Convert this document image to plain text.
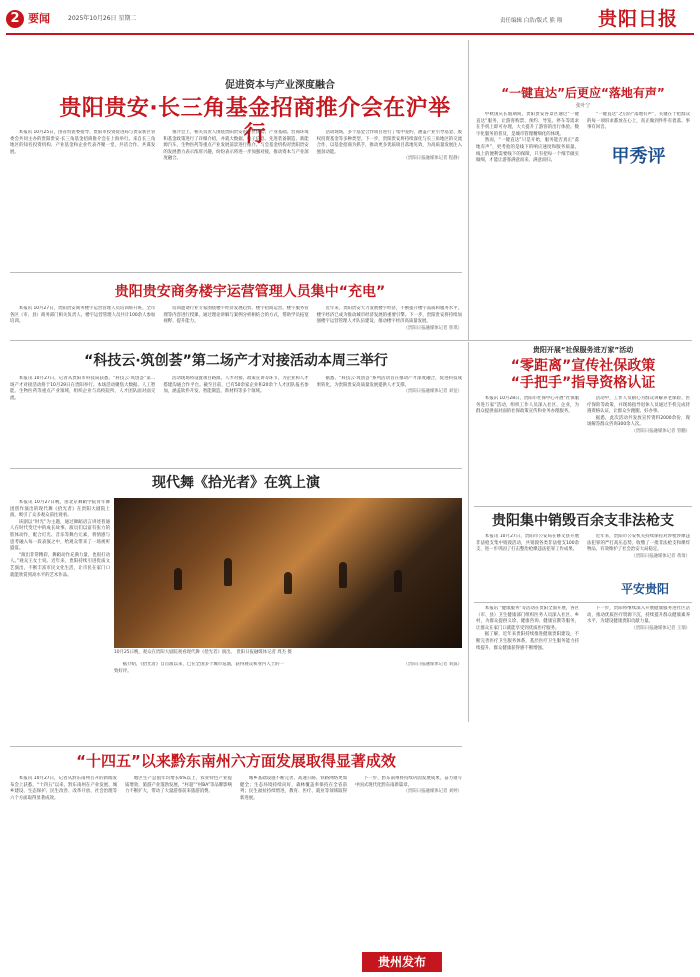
2 要闻	2025年10月26日 星期二	责任编辑 白浩/版式 熊 翔 贵阳日报
促进资本与产业深度融合
贵阳贵安·长三角基金招商推介会在沪举行

本报讯 10月25日，由省贸促委指导、贵阳市投资促进局与贵安新区管委会共同主办的贵阳贵安·长三角基金招商推介会在上海举行。来自长三角地区的知名投资机构、产业基金和企业代表齐聚一堂，共话合作、共谋发展。

推介会上，相关负责人围绕贵阳贵安的区位优势、产业基础、营商环境和基金政策进行了详细介绍，并就大数据、电子信息、先进装备制造、新能源汽车、生物医药等重点产业发展前景进行推介。与会基金机构对贵阳贵安的发展潜力表示浓厚兴趣，纷纷表示将进一步加强对接，推动资本与产业深度融合。

活动现场，多个基金合作项目进行了集中签约，涵盖产业引导基金、股权投资基金等多种类型。下一步，贵阳贵安将持续深化与长三角地区的交流合作，以基金招商为抓手，推动更多优质项目落地见效，为高质量发展注入强劲动能。

（贵阳日报融媒体记者 程静）
“一键直达”后更应“落地有声”
张叶宁

中秋国庆长假期间，贵阳贵安各景区通过“一键直达”服务，让游客购票、预约、导览、停车等需求在手机上即可办理，大大提升了游客的出行体验。数字化服务的普及，是城市管理精细化的体现。

然而，“一键直达”只是开始，服务能否真正“落地有声”，更考验的是线下的响应速度和服务质量。线上的便利需要线下的保障，只有把每一个细节做实做细，才能让游客满意而来、满意而归。

“一键直达”之后的“落地有声”，关键在于把群众的每一项诉求都放在心上，真正做到件件有着落、事事有回音。

甲秀评
贵阳贵安商务楼宇运营管理人员集中“充电”

本报讯 10月27日，贵阳贵安商务楼宇运营管理人员培训班开班，全市各区（市、县）商务部门相关负责人、楼宇运营管理人员共计100余人参加培训。

培训邀请行业专家围绕楼宇经济发展趋势、楼宇招商运营、楼宇服务管理等内容进行授课，通过理论讲解与案例分析相结合的方式，帮助学员拓宽视野、提升能力。

近年来，贵阳贵安大力发展楼宇经济，不断提升楼宇品质和服务水平，楼宇经济已成为推动城市经济发展的重要引擎。下一步，贵阳贵安将持续加强楼宇运营管理人才队伍建设，推动楼宇经济高质量发展。

（贵阳日报融媒体记者 曾琪）
“科技云·筑创荟”第二场产才对接活动本周三举行

本报讯 10月27日，记者从贵阳市科技局获悉，“科技云·筑创荟”第二场产才对接活动将于10月29日在贵阳举行。本场活动聚焦大数据、人工智能、生物医药等重点产业领域，组织企业与高校院所、人才团队面对面交流。

活动现场将设置项目路演、人才对接、政策宣讲等环节，为企业和人才搭建沟通合作平台。截至目前，已有50余家企业和20余个人才团队报名参加，涵盖软件开发、智能制造、新材料等多个领域。

据悉，“科技云·筑创荟”系列活动旨在推动产才深度融合，促进科技成果转化，为贵阳贵安高质量发展提供人才支撑。

（贵阳日报融媒体记者 刘征）
贵阳开展“社保服务进万家”活动
“零距离”宣传社保政策
“手把手”指导资格认证

本报讯 10月28日，贵阳市社保中心开展“社保服务进万家”活动，组织工作人员深入社区、企业，为群众提供面对面的社保政策宣传和业务办理服务。

活动中，工作人员耐心为群众讲解养老保险、医疗保险等政策，并现场指导退休人员通过手机完成待遇资格认证，让群众少跑腿、好办事。

据悉，此次活动共发放宣传资料2000余份，现场解答群众咨询300余人次。

（贵阳日报融媒体记者 管鹏）
现代舞《拾光者》在筑上演

本报讯 10月27日晚，由北京舞蹈学院青年舞团创作演出的现代舞《拾光者》在贵阳大剧院上演，吸引了众多观众前往观看。

该剧以“时光”为主题，通过舞蹈语言讲述普通人在时代变迁中的成长故事。演员们以富有张力的肢体动作，配合灯光、音乐等舞台元素，将情感与思考融入每一段表演之中，给观众带来了一场视听盛宴。

“演出非常精彩，舞蹈动作充满力量，也很打动人。”观众王女士说。近年来，贵阳持续引进优质文艺演出，不断丰富市民文化生活，让市民在家门口就能欣赏到高水平的艺术作品。

10月25日晚，观众在贵阳大剧院观看现代舞《拾光者》演出。 贵阳日报融媒体记者 周杰 摄

据介绍，《拾光者》自首演以来，已在全国多个城市巡演，获得观众和业内人士的一致好评。

（贵阳日报融媒体记者 刘露）
贵阳集中销毁百余支非法枪支

本报讯 10月27日，贵阳市公安局在修文县开展非法枪支集中销毁活动，共销毁各类非法枪支100余支，进一步巩固了打击整治枪爆违法犯罪工作成果。

近年来，贵阳市公安机关持续保持对涉枪涉爆违法犯罪的严打高压态势，收缴了一批非法枪支和爆炸物品，有效维护了社会治安大局稳定。

（贵阳日报融媒体记者 黄琦）
平安贵阳

本报讯 “健康服务”等活动在贵阳全面开展，各区（市、县）卫生健康部门组织医务人员深入社区、乡村，为群众提供义诊、健康咨询、健康宣教等服务，让群众在家门口就能享受到优质医疗服务。

据了解，近年来贵阳持续推进健康贵阳建设，不断完善医疗卫生服务体系，基层医疗卫生服务能力持续提升，群众健康获得感不断增强。

下一步，贵阳将继续深入开展健康服务进社区活动，推动优质医疗资源下沉，持续提升群众健康素养水平，为建设健康贵阳贡献力量。

（贵阳日报融媒体记者 王瑞）
“十四五”以来黔东南州六方面发展取得显著成效

本报讯 10月27日，记者从黔东南州召开的新闻发布会上获悉，“十四五”以来，黔东南州在产业发展、城乡建设、生态保护、民生改善、改革开放、社会治理等六个方面取得显著成效。

地区生产总值年均增长6%以上，农业特色产业提质增效，旅游产业蓬勃发展，“村超”“村BA”等品牌影响力不断扩大，带动了大量游客前来旅游消费。

城乡基础设施不断完善，高速公路、铁路网络更加健全；生态环境持续向好，森林覆盖率保持在全省前列；民生福祉持续增进，教育、医疗、就业等领域取得新进展。

下一步，黔东南州将持续巩固发展成果，奋力谱写中国式现代化黔东南新篇章。

（贵阳日报融媒体记者 刘婷）
贵州发布
